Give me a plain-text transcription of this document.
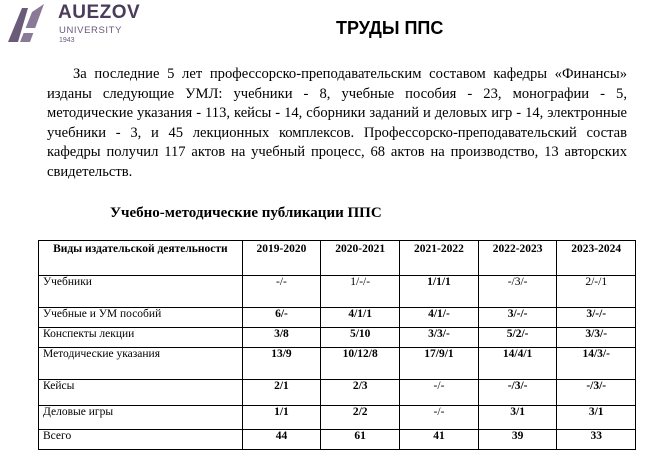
AUEZOV
UNIVERSITY
1943
ТРУДЫ ППС

За последние 5 лет профессорско-преподавательским составом кафедры «Финансы» изданы следующие УМЛ: учебники - 8, учебные пособия - 23, монографии - 5, методические указания - 113, кейсы - 14, сборники заданий и деловых игр - 14, электронные учебники - 3, и 45 лекционных комплексов. Профессорско-преподавательский состав кафедры получил 117 актов на учебный процесс, 68 актов на производство, 13 авторских свидетельств.

Учебно-методические публикации ППС
Виды издательской деятельности	2019-2020	2020-2021	2021-2022	2022-2023	2023-2024
Учебники	-/-	1/-/-	1/1/1	-/3/-	2/-/1
Учебные и УМ пособий	6/-	4/1/1	4/1/-	3/-/-	3/-/-
Конспекты лекции	3/8	5/10	3/3/-	5/2/-	3/3/-
Методические указания	13/9	10/12/8	17/9/1	14/4/1	14/3/-
Кейсы	2/1	2/3	-/-	-/3/-	-/3/-
Деловые игры	1/1	2/2	-/-	3/1	3/1
Всего	44	61	41	39	33
